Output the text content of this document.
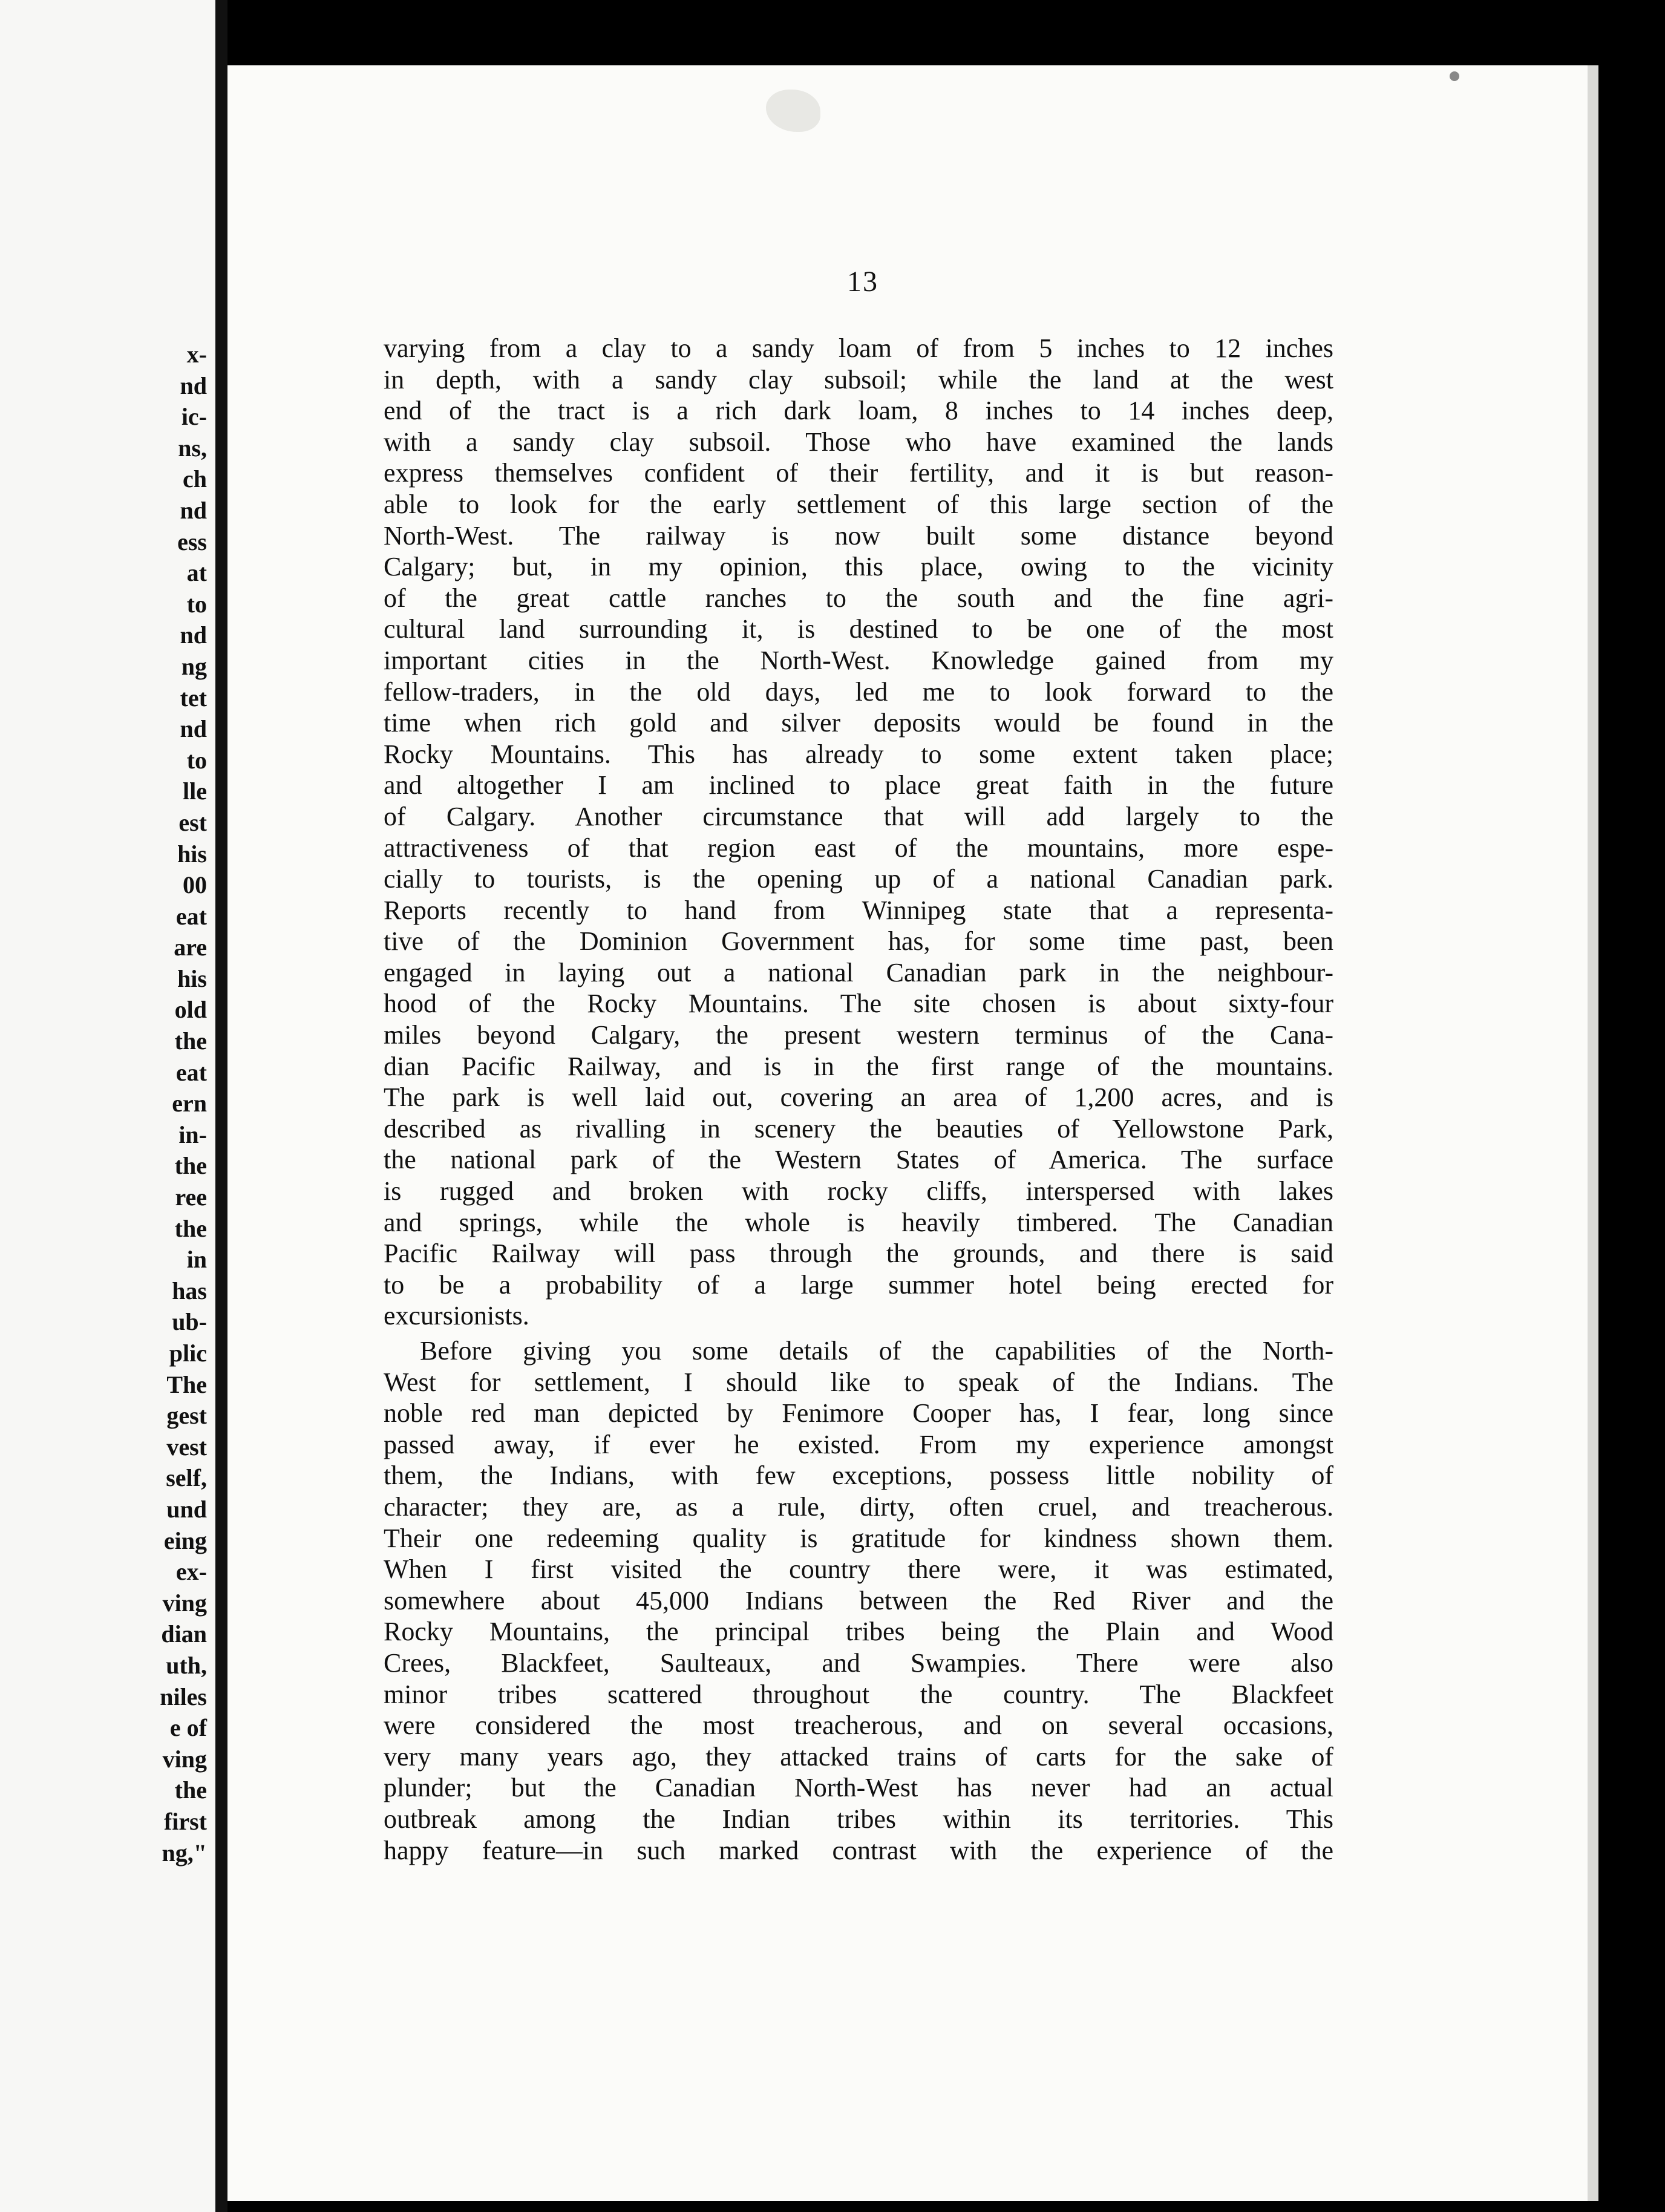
x-
nd
ic-
ns,
ch
nd
ess
at
to
nd
ng
tet
nd
to
lle
est
his
00
eat
are
his
old
the
eat
ern
in-
the
ree
the
in
has
ub-
plic
The
gest
vest
self,
und
eing
ex-
ving
dian
uth,
niles
e of
ving
the
first
ng,"
13
varying from a clay to a sandy loam of from 5 inches to 12 inches
in depth, with a sandy clay subsoil; while the land at the west
end of the tract is a rich dark loam, 8 inches to 14 inches deep,
with a sandy clay subsoil. Those who have examined the lands
express themselves confident of their fertility, and it is but reason-
able to look for the early settlement of this large section of the
North-West. The railway is now built some distance beyond
Calgary; but, in my opinion, this place, owing to the vicinity
of the great cattle ranches to the south and the fine agri-
cultural land surrounding it, is destined to be one of the most
important cities in the North-West. Knowledge gained from my
fellow-traders, in the old days, led me to look forward to the
time when rich gold and silver deposits would be found in the
Rocky Mountains. This has already to some extent taken place;
and altogether I am inclined to place great faith in the future
of Calgary. Another circumstance that will add largely to the
attractiveness of that region east of the mountains, more espe-
cially to tourists, is the opening up of a national Canadian park.
Reports recently to hand from Winnipeg state that a representa-
tive of the Dominion Government has, for some time past, been
engaged in laying out a national Canadian park in the neighbour-
hood of the Rocky Mountains. The site chosen is about sixty-four
miles beyond Calgary, the present western terminus of the Cana-
dian Pacific Railway, and is in the first range of the mountains.
The park is well laid out, covering an area of 1,200 acres, and is
described as rivalling in scenery the beauties of Yellowstone Park,
the national park of the Western States of America. The surface
is rugged and broken with rocky cliffs, interspersed with lakes
and springs, while the whole is heavily timbered. The Canadian
Pacific Railway will pass through the grounds, and there is said
to be a probability of a large summer hotel being erected for
excursionists.
Before giving you some details of the capabilities of the North-
West for settlement, I should like to speak of the Indians. The
noble red man depicted by Fenimore Cooper has, I fear, long since
passed away, if ever he existed. From my experience amongst
them, the Indians, with few exceptions, possess little nobility of
character; they are, as a rule, dirty, often cruel, and treacherous.
Their one redeeming quality is gratitude for kindness shown them.
When I first visited the country there were, it was estimated,
somewhere about 45,000 Indians between the Red River and the
Rocky Mountains, the principal tribes being the Plain and Wood
Crees, Blackfeet, Saulteaux, and Swampies. There were also
minor tribes scattered throughout the country. The Blackfeet
were considered the most treacherous, and on several occasions,
very many years ago, they attacked trains of carts for the sake of
plunder; but the Canadian North-West has never had an actual
outbreak among the Indian tribes within its territories. This
happy feature—in such marked contrast with the experience of the
